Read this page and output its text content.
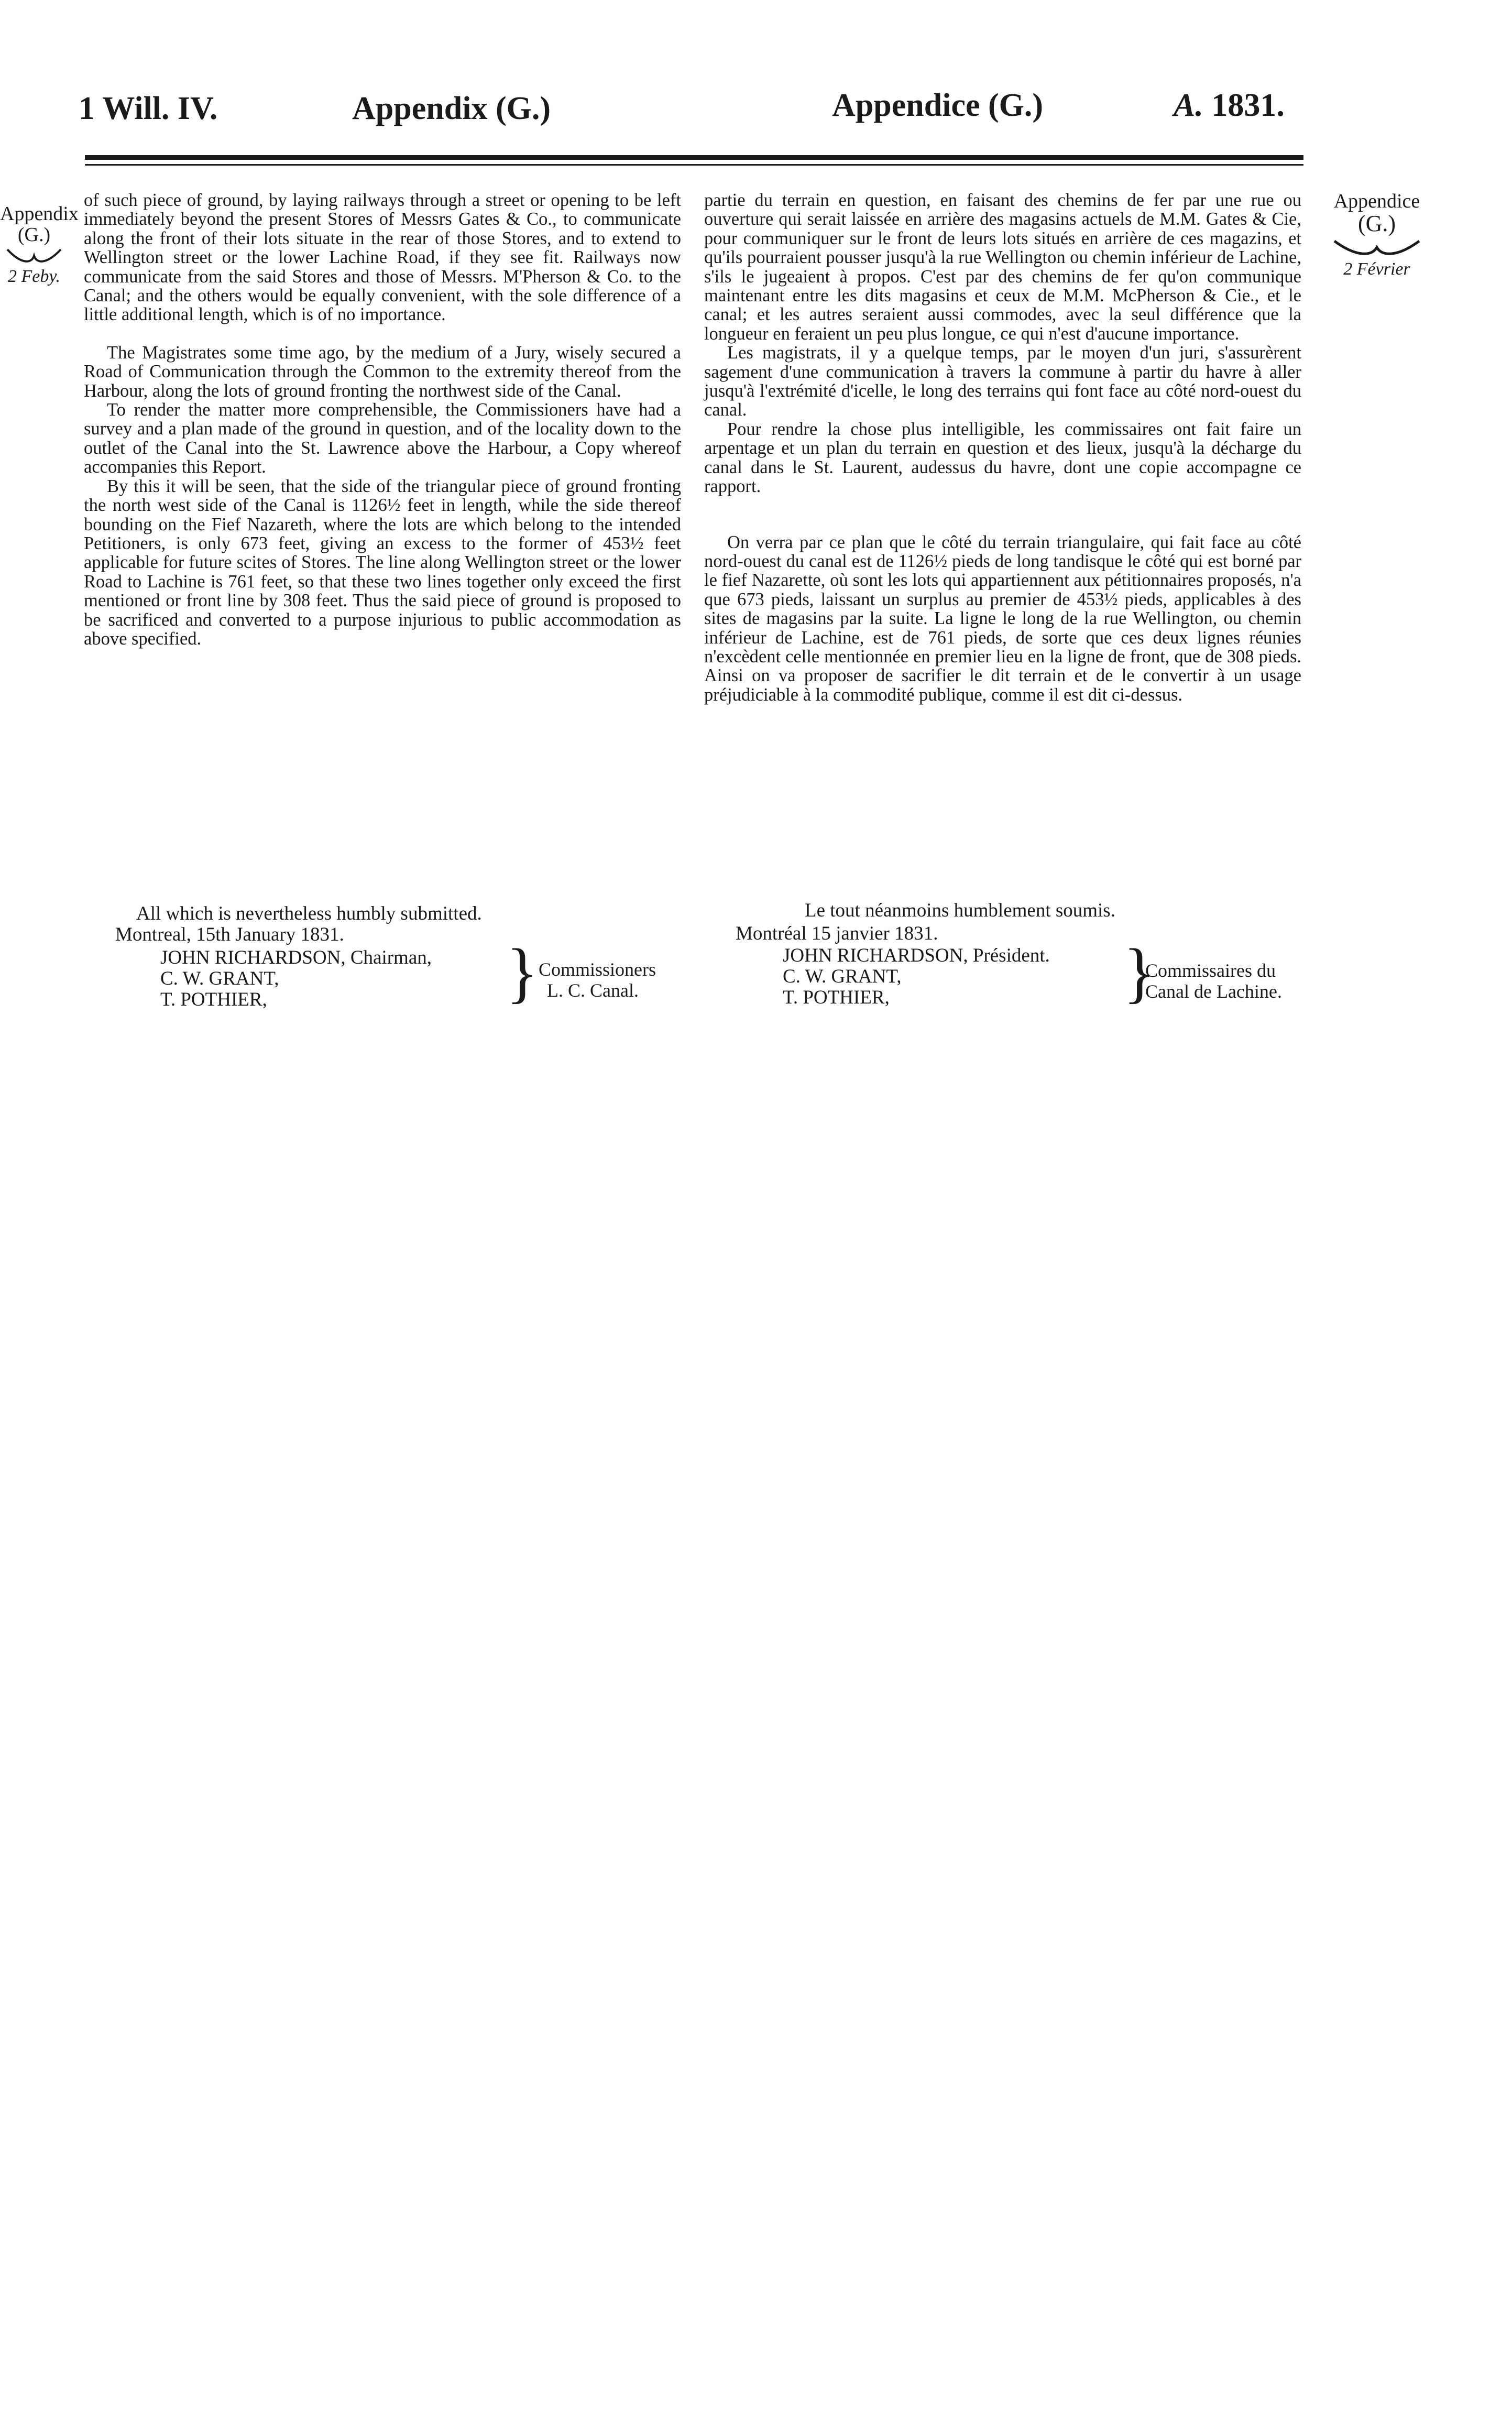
1 Will. IV.	Appendix (G.)	Appendice (G.)	A. 1831.
Appendix
(G.)
2 Feby.
Appendice
(G.)
2 Février

of such piece of ground, by laying railways through a street or opening to be left immediately beyond the present Stores of Messrs Gates & Co., to communicate along the front of their lots situate in the rear of those Stores, and to extend to Wellington street or the lower Lachine Road, if they see fit. Railways now communicate from the said Stores and those of Messrs. M'Pherson & Co. to the Canal; and the others would be equally convenient, with the sole difference of a little additional length, which is of no importance.

The Magistrates some time ago, by the medium of a Jury, wisely secured a Road of Communication through the Common to the extremity thereof from the Harbour, along the lots of ground fronting the northwest side of the Canal.

To render the matter more comprehensible, the Commissioners have had a survey and a plan made of the ground in question, and of the locality down to the outlet of the Canal into the St. Lawrence above the Harbour, a Copy whereof accompanies this Report.

By this it will be seen, that the side of the triangular piece of ground fronting the north west side of the Canal is 1126½ feet in length, while the side thereof bounding on the Fief Nazareth, where the lots are which belong to the intended Petitioners, is only 673 feet, giving an excess to the former of 453½ feet applicable for future scites of Stores. The line along Wellington street or the lower Road to Lachine is 761 feet, so that these two lines together only exceed the first mentioned or front line by 308 feet. Thus the said piece of ground is proposed to be sacrificed and converted to a purpose injurious to public accommodation as above specified.

All which is nevertheless humbly submitted.
Montreal, 15th January 1831.
JOHN RICHARDSON, Chairman,
C. W. GRANT,
T. POTHIER,	} Commissioners
L. C. Canal.

partie du terrain en question, en faisant des chemins de fer par une rue ou ouverture qui serait laissée en arrière des magasins actuels de M.M. Gates & Cie, pour communiquer sur le front de leurs lots situés en arrière de ces magazins, et qu'ils pourraient pousser jusqu'à la rue Wellington ou chemin inférieur de Lachine, s'ils le jugeaient à propos. C'est par des chemins de fer qu'on communique maintenant entre les dits magasins et ceux de M.M. McPherson & Cie., et le canal; et les autres seraient aussi commodes, avec la seul différence que la longueur en feraient un peu plus longue, ce qui n'est d'aucune importance.

Les magistrats, il y a quelque temps, par le moyen d'un juri, s'assurèrent sagement d'une communication à travers la commune à partir du havre à aller jusqu'à l'extrémité d'icelle, le long des terrains qui font face au côté nord-ouest du canal.

Pour rendre la chose plus intelligible, les commissaires ont fait faire un arpentage et un plan du terrain en question et des lieux, jusqu'à la décharge du canal dans le St. Laurent, audessus du havre, dont une copie accompagne ce rapport.

On verra par ce plan que le côté du terrain triangulaire, qui fait face au côté nord-ouest du canal est de 1126½ pieds de long tandisque le côté qui est borné par le fief Nazarette, où sont les lots qui appartiennent aux pétitionnaires proposés, n'a que 673 pieds, laissant un surplus au premier de 453½ pieds, applicables à des sites de magasins par la suite. La ligne le long de la rue Wellington, ou chemin inférieur de Lachine, est de 761 pieds, de sorte que ces deux lignes réunies n'excèdent celle mentionnée en premier lieu en la ligne de front, que de 308 pieds. Ainsi on va proposer de sacrifier le dit terrain et de le convertir à un usage préjudiciable à la commodité publique, comme il est dit ci-dessus.

Le tout néanmoins humblement soumis.
Montréal 15 janvier 1831.
JOHN RICHARDSON, Président.
C. W. GRANT,
T. POTHIER,	}
Commissaires du
Canal de Lachine.
